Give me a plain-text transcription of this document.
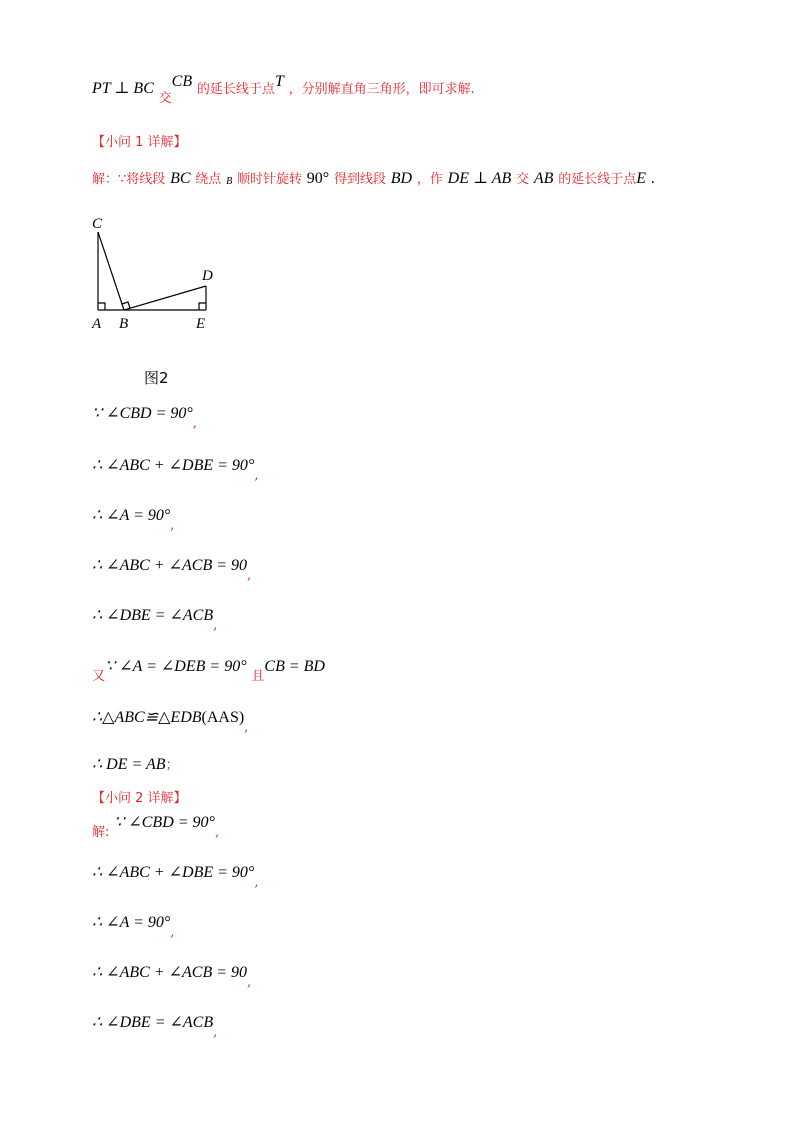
PT ⊥ BC 交CB 的延长线于点T ，分别解直角三角形，即可求解.
【小问 1 详解】
解：∵将线段 BC 绕点 B 顺时针旋转 90° 得到线段 BD ，作 DE ⊥ AB 交 AB 的延长线于点E .
C
D
A B	E
图2
∵ ∠CBD = 90°,
∴ ∠ABC + ∠DBE = 90°,
∴ ∠A = 90°,
∴ ∠ABC + ∠ACB = 90,
∴ ∠DBE = ∠ACB,
又∵ ∠A = ∠DEB = 90° 且CB = BD
∴△ABC≌△EDB(AAS),
∴ DE = AB；
【小问 2 详解】
解: ∵ ∠CBD = 90°,
∴ ∠ABC + ∠DBE = 90°,
∴ ∠A = 90°,
∴ ∠ABC + ∠ACB = 90,
∴ ∠DBE = ∠ACB,
